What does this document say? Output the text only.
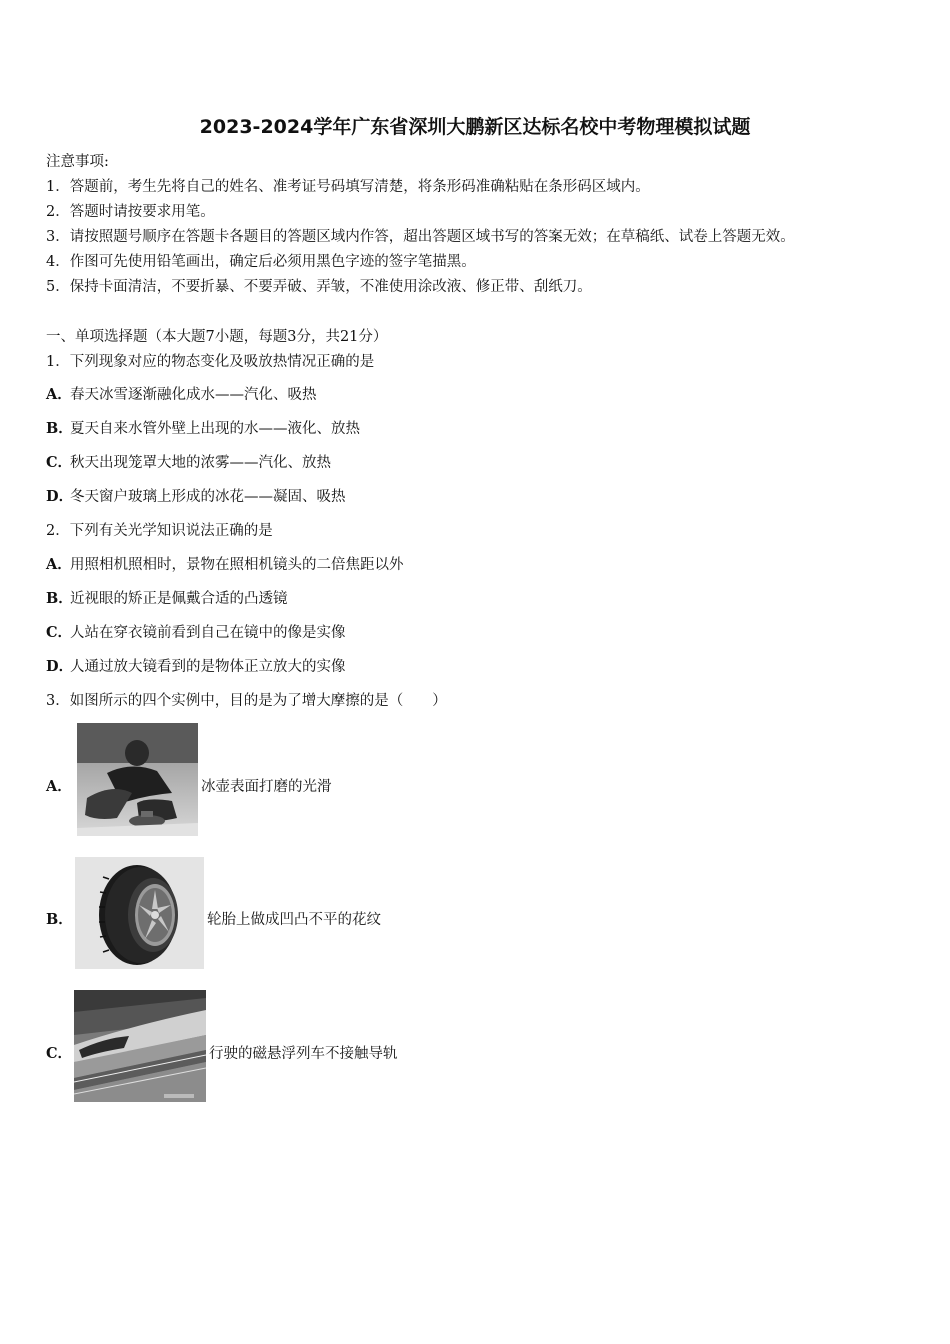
2023-2024学年广东省深圳大鹏新区达标名校中考物理模拟试题
注意事项:
1．答题前，考生先将自己的姓名、准考证号码填写清楚，将条形码准确粘贴在条形码区域内。
2．答题时请按要求用笔。
3．请按照题号顺序在答题卡各题目的答题区域内作答，超出答题区域书写的答案无效；在草稿纸、试卷上答题无效。
4．作图可先使用铅笔画出，确定后必须用黑色字迹的签字笔描黑。
5．保持卡面清洁，不要折暴、不要弄破、弄皱，不准使用涂改液、修正带、刮纸刀。
一、单项选择题（本大题7小题，每题3分，共21分）
1．下列现象对应的物态变化及吸放热情况正确的是
A．春天冰雪逐渐融化成水——汽化、吸热
B．夏天自来水管外壁上出现的水——液化、放热
C．秋天出现笼罩大地的浓雾——汽化、放热
D．冬天窗户玻璃上形成的冰花——凝固、吸热
2．下列有关光学知识说法正确的是
A．用照相机照相时，景物在照相机镜头的二倍焦距以外
B．近视眼的矫正是佩戴合适的凸透镜
C．人站在穿衣镜前看到自己在镜中的像是实像
D．人通过放大镜看到的是物体正立放大的实像
3．如图所示的四个实例中，目的是为了增大摩擦的是（　　）
A．	冰壶表面打磨的光滑
B．	轮胎上做成凹凸不平的花纹
C．	行驶的磁悬浮列车不接触导轨
